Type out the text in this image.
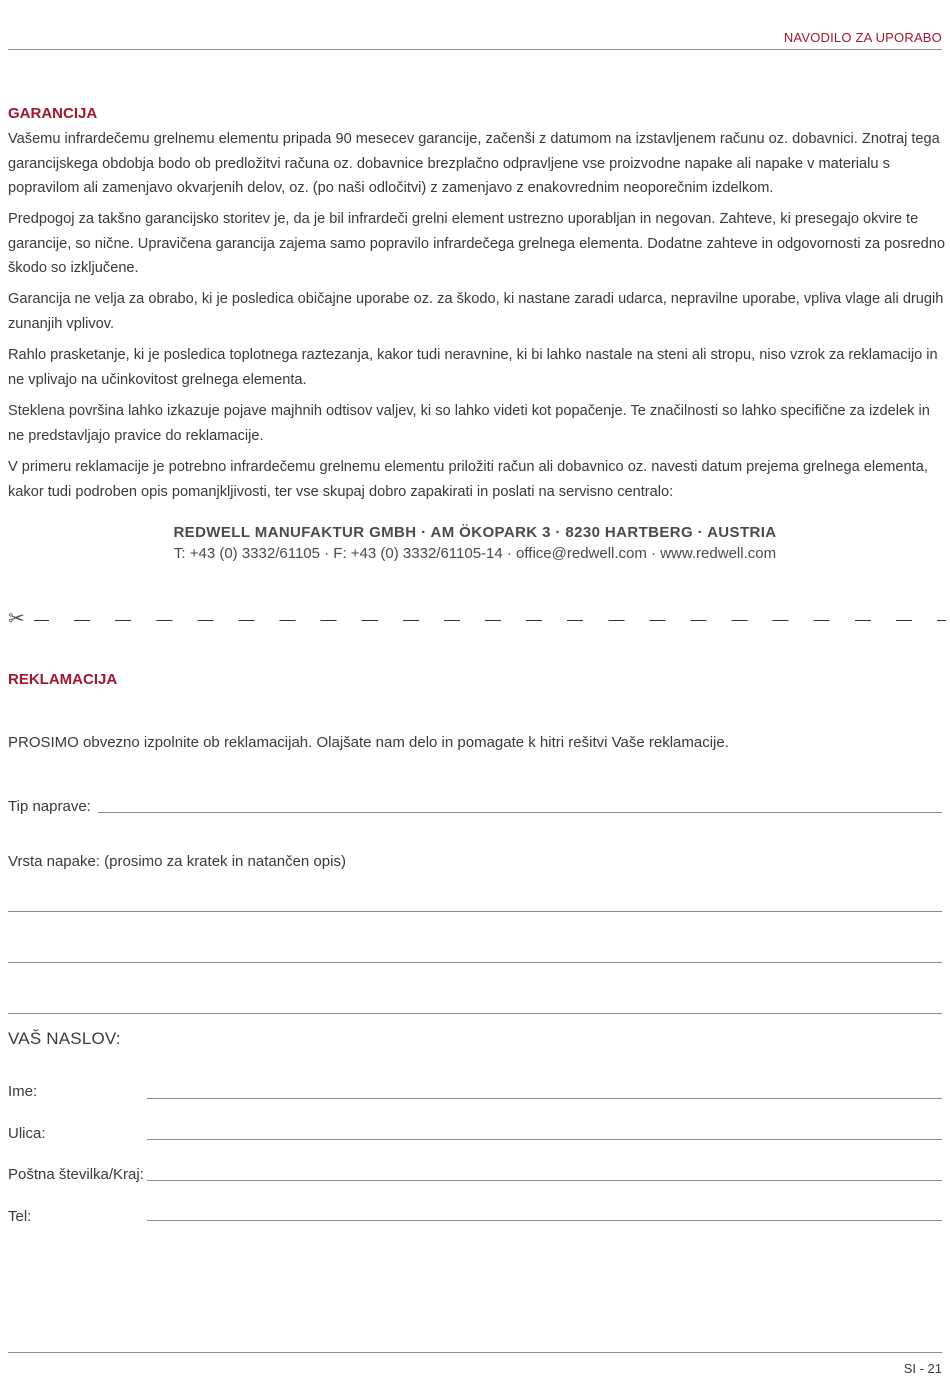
NAVODILO ZA UPORABO
GARANCIJA

Vašemu infrardečemu grelnemu elementu pripada 90 mesecev garancije, začenši z datumom na izstavljenem računu oz. dobavnici. Znotraj tega garancijskega obdobja bodo ob predložitvi računa oz. dobavnice brezplačno odpravljene vse proizvodne napake ali napake v materialu s popravilom ali zamenjavo okvarjenih delov, oz. (po naši odločitvi) z zamenjavo z enakovrednim neoporečnim izdelkom.

Predpogoj za takšno garancijsko storitev je, da je bil infrardeči grelni element ustrezno uporabljan in negovan. Zahteve, ki presegajo okvire te garancije, so nične. Upravičena garancija zajema samo popravilo infrardečega grelnega elementa. Dodatne zahteve in odgovornosti za posredno škodo so izključene.

Garancija ne velja za obrabo, ki je posledica običajne uporabe oz. za škodo, ki nastane zaradi udarca, nepravilne uporabe, vpliva vlage ali drugih zunanjih vplivov.

Rahlo prasketanje, ki je posledica toplotnega raztezanja, kakor tudi neravnine, ki bi lahko nastale na steni ali stropu, niso vzrok za reklamacijo in ne vplivajo na učinkovitost grelnega elementa.

Steklena površina lahko izkazuje pojave majhnih odtisov valjev, ki so lahko videti kot popačenje. Te značilnosti so lahko specifične za izdelek in ne predstavljajo pravice do reklamacije.

V primeru reklamacije je potrebno infrardečemu grelnemu elementu priložiti račun ali dobavnico oz. navesti datum prejema grelnega elementa, kakor tudi podroben opis pomanjkljivosti, ter vse skupaj dobro zapakirati in poslati na servisno centralo:

REDWELL MANUFAKTUR GMBH · AM ÖKOPARK 3 · 8230 HARTBERG · AUSTRIA
T: +43 (0) 3332/61105 · F: +43 (0) 3332/61105-14 · office@redwell.com · www.redwell.com
✂
REKLAMACIJA
PROSIMO obvezno izpolnite ob reklamacijah. Olajšate nam delo in pomagate k hitri rešitvi Vaše reklamacije.
Tip naprave:
Vrsta napake: (prosimo za kratek in natančen opis)
VAŠ NASLOV:
Ime:
Ulica:
Poštna številka/Kraj:
Tel:
SI - 21
